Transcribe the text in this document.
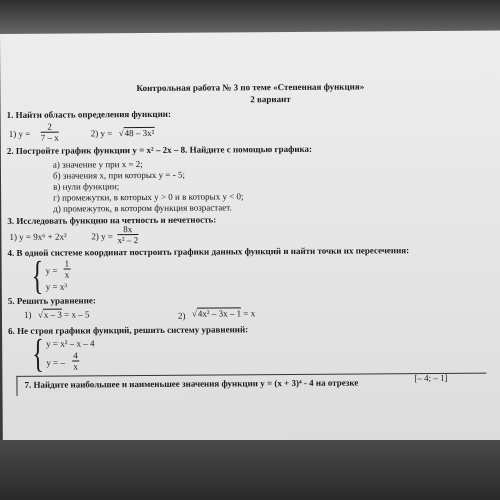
Контрольная работа № 3 по теме «Степенная функция»
2 вариант
1. Найти область определения функции:
1) $y = \frac{2}{7 - x}$	2) y = √48 – 3x²
2. Постройте график функции y = x² – 2x – 8. Найдите с помощью графика:
а) значение y при x = 2;
б) значения x, при которых y = - 5;
в) нули функции;
г) промежутки, в которых y > 0 и в которых y < 0;
д) промежуток, в котором функция возрастает.
3. Исследовать функцию на четность и нечетность:
1) y = 9x⁶ + 2x²	2) $y = \frac{8x}{\text{x² – 2}}$
4. В одной системе координат построить графики данных функций и найти точки их пересечения:
{ $y = \frac{1}{x}$
y = x³
5. Решить уравнение:
1) √x – 3 = x – 5	2) √4x² – 3x – 1 = x
6. Не строя графики функций, решить систему уравнений:
{ y = x² – x – 4
y = – $\frac{4}{x}$
7. Найдите наибольшее и наименьшее значения функции y = (x + 3)⁴ - 4 на отрезке	[– 4; – 1]
